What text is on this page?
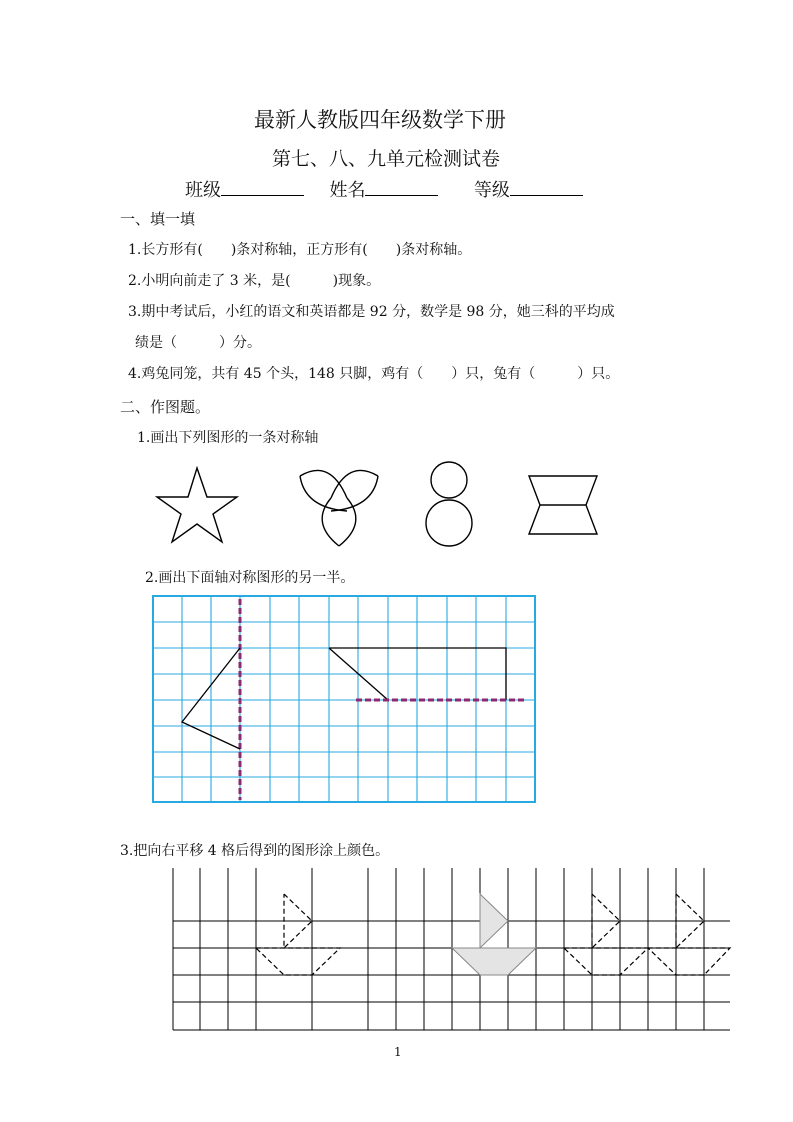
最新人教版四年级数学下册
第七、八、九单元检测试卷
班级	姓名	等级
一、填一填
1.长方形有(　　)条对称轴，正方形有(　　)条对称轴。
2.小明向前走了 3 米，是(　　　)现象。
3.期中考试后，小红的语文和英语都是 92 分，数学是 98 分，她三科的平均成
绩是（　　　）分。
4.鸡兔同笼，共有 45 个头，148 只脚，鸡有（　　）只，兔有（　　　）只。
二、作图题。
1.画出下列图形的一条对称轴
2.画出下面轴对称图形的另一半。
3.把向右平移 4 格后得到的图形涂上颜色。
1
